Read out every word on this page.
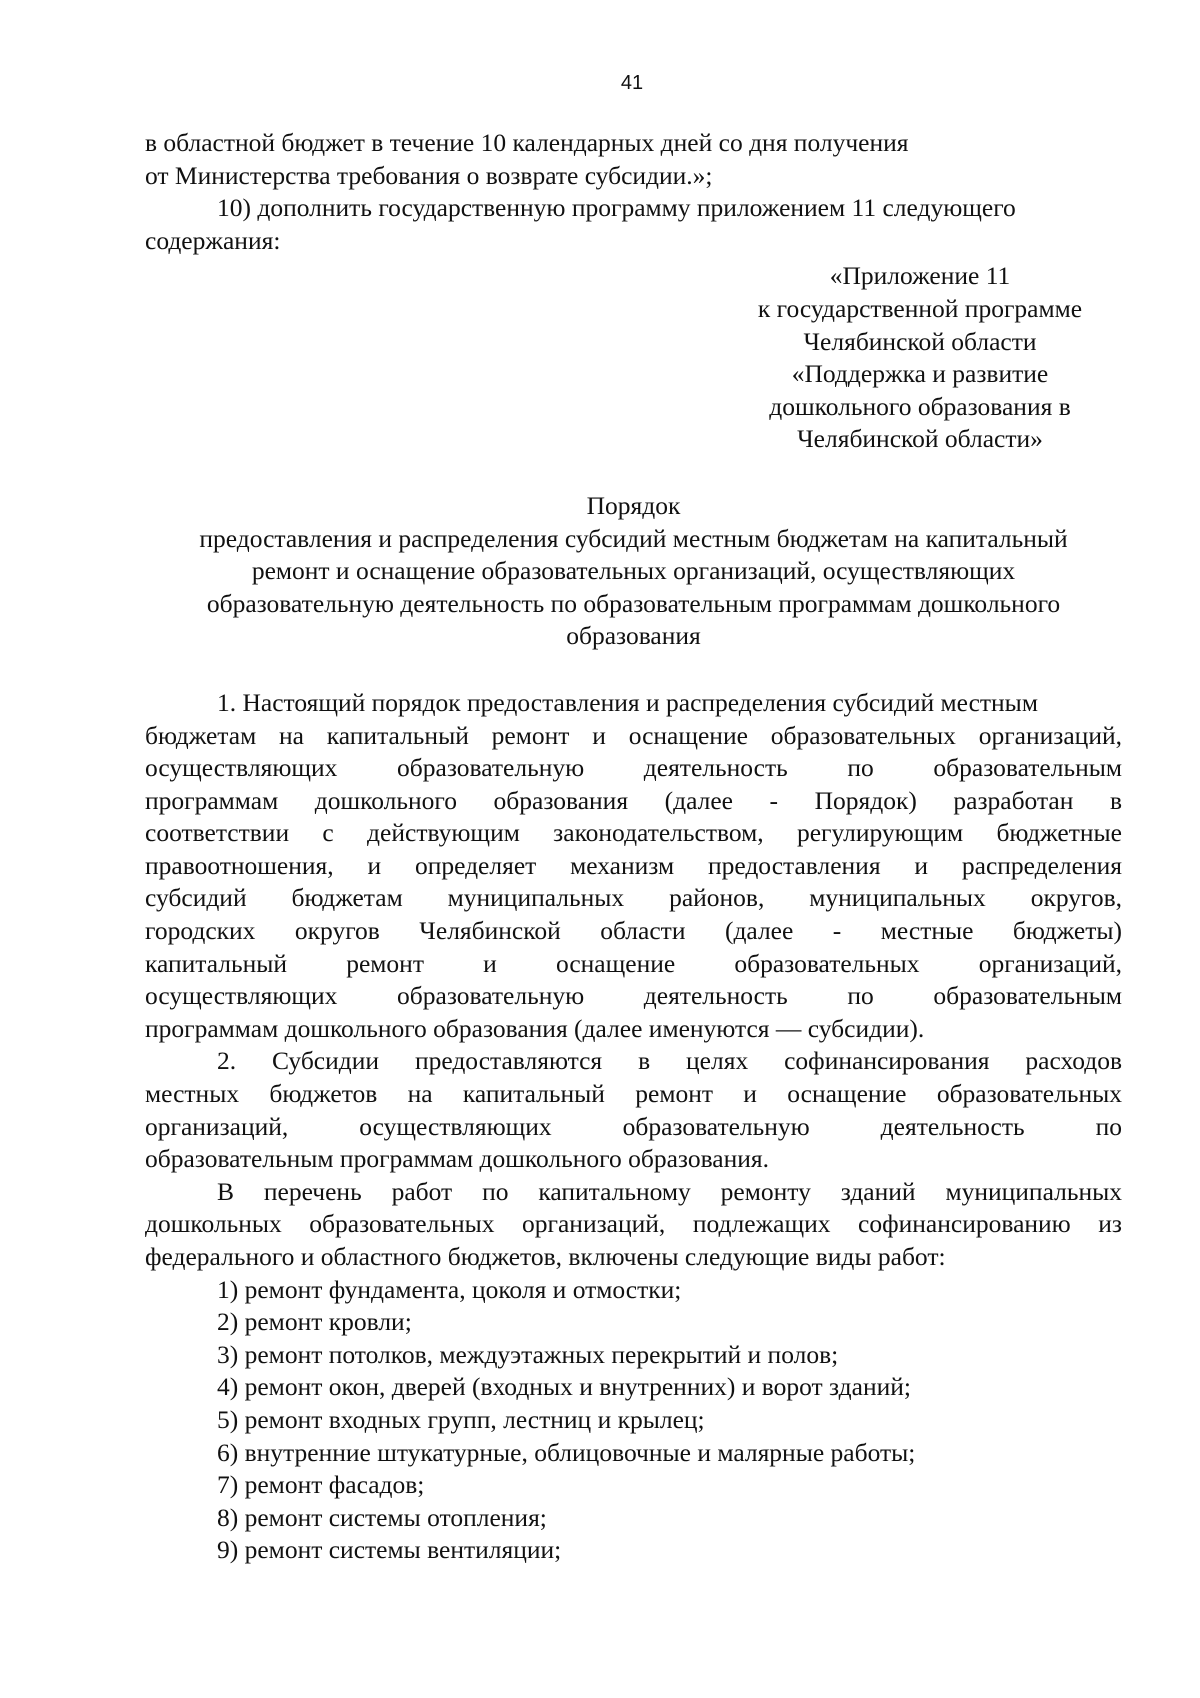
41

в областной бюджет в течение 10 календарных дней со дня получения

от Министерства требования о возврате субсидии.»;

10) дополнить государственную программу приложением 11 следующего

содержания:

«Приложение 11

к государственной программе

Челябинской области

«Поддержка и развитие

дошкольного образования в

Челябинской области»

Порядок

предоставления и распределения субсидий местным бюджетам на капитальный

ремонт и оснащение образовательных организаций, осуществляющих

образовательную деятельность по образовательным программам дошкольного

образования

1. Настоящий порядок предоставления и распределения субсидий местным

бюджетам на капитальный ремонт и оснащение образовательных организаций,

осуществляющих образовательную деятельность по образовательным

программам дошкольного образования (далее - Порядок) разработан в

соответствии с действующим законодательством, регулирующим бюджетные

правоотношения, и определяет механизм предоставления и распределения

субсидий бюджетам муниципальных районов, муниципальных округов,

городских округов Челябинской области (далее - местные бюджеты)

капитальный ремонт и оснащение образовательных организаций,

осуществляющих образовательную деятельность по образовательным

программам дошкольного образования (далее именуются — субсидии).

2. Субсидии предоставляются в целях софинансирования расходов

местных бюджетов на капитальный ремонт и оснащение образовательных

организаций, осуществляющих образовательную деятельность по

образовательным программам дошкольного образования.

В перечень работ по капитальному ремонту зданий муниципальных

дошкольных образовательных организаций, подлежащих софинансированию из

федерального и областного бюджетов, включены следующие виды работ:

1) ремонт фундамента, цоколя и отмостки;

2) ремонт кровли;

3) ремонт потолков, междуэтажных перекрытий и полов;

4) ремонт окон, дверей (входных и внутренних) и ворот зданий;

5) ремонт входных групп, лестниц и крылец;

6) внутренние штукатурные, облицовочные и малярные работы;

7) ремонт фасадов;

8) ремонт системы отопления;

9) ремонт системы вентиляции;
